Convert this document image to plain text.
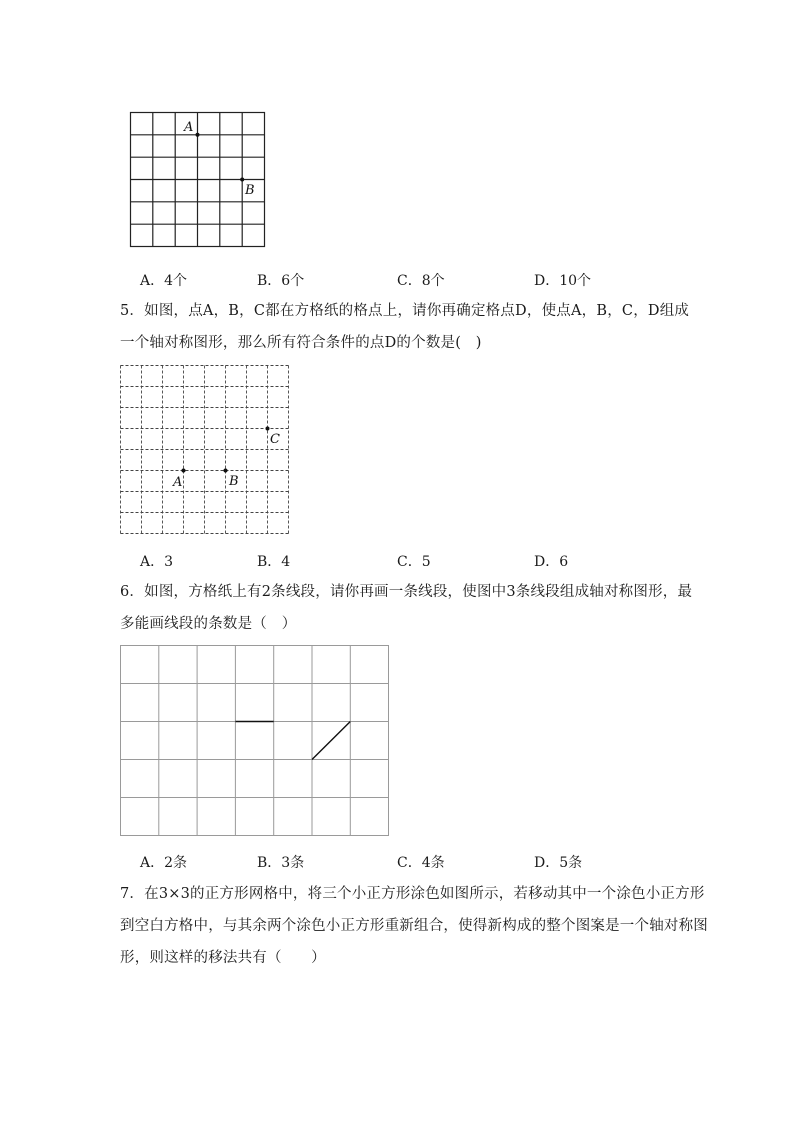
A
B
A．4个	B．6个	C．8个	D．10个
5．如图，点A，B，C都在方格纸的格点上，请你再确定格点D，使点A，B，C，D组成
一个轴对称图形，那么所有符合条件的点D的个数是(　)
A	B
C
A．3	B．4	C．5	D．6
6．如图，方格纸上有2条线段，请你再画一条线段，使图中3条线段组成轴对称图形，最
多能画线段的条数是（　）
A．2条	B．3条	C．4条	D．5条
7．在3×3的正方形网格中，将三个小正方形涂色如图所示，若移动其中一个涂色小正方形
到空白方格中，与其余两个涂色小正方形重新组合，使得新构成的整个图案是一个轴对称图
形，则这样的移法共有（　　）
